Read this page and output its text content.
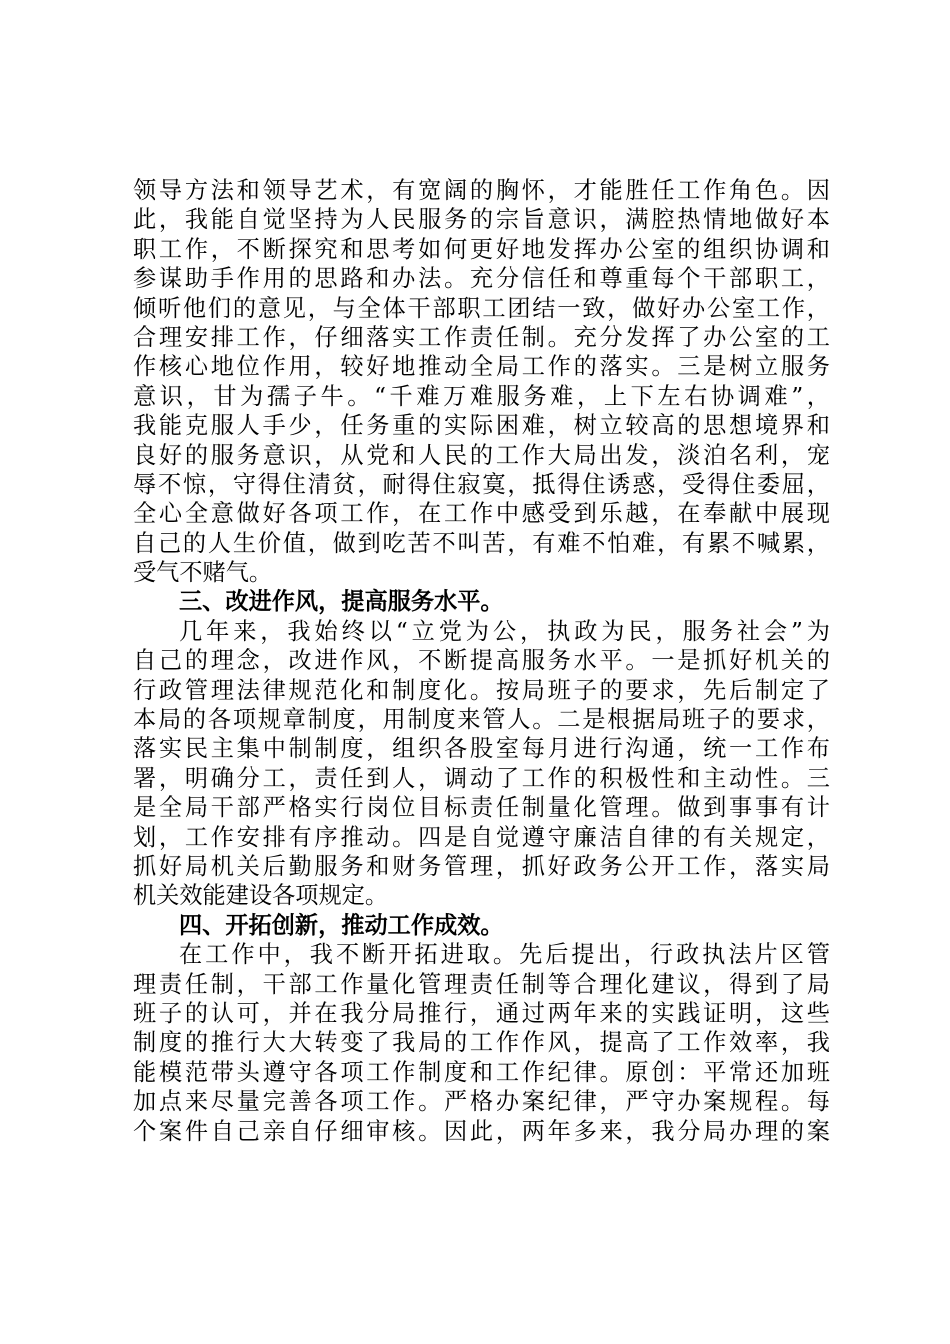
领导方法和领导艺术，有宽阔的胸怀，才能胜任工作角色。因
此，我能自觉坚持为人民服务的宗旨意识，满腔热情地做好本
职工作，不断探究和思考如何更好地发挥办公室的组织协调和
参谋助手作用的思路和办法。充分信任和尊重每个干部职工，
倾听他们的意见，与全体干部职工团结一致，做好办公室工作，
合理安排工作，仔细落实工作责任制。充分发挥了办公室的工
作核心地位作用，较好地推动全局工作的落实。三是树立服务
意识，甘为孺子牛。“千难万难服务难，上下左右协调难”，
我能克服人手少，任务重的实际困难，树立较高的思想境界和
良好的服务意识，从党和人民的工作大局出发，淡泊名利，宠
辱不惊，守得住清贫，耐得住寂寞，抵得住诱惑，受得住委屈，
全心全意做好各项工作，在工作中感受到乐越，在奉献中展现
自己的人生价值，做到吃苦不叫苦，有难不怕难，有累不喊累，
受气不赌气。
三、改进作风，提高服务水平。
几年来，我始终以“立党为公，执政为民，服务社会”为
自己的理念，改进作风，不断提高服务水平。一是抓好机关的
行政管理法律规范化和制度化。按局班子的要求，先后制定了
本局的各项规章制度，用制度来管人。二是根据局班子的要求，
落实民主集中制制度，组织各股室每月进行沟通，统一工作布
署，明确分工，责任到人，调动了工作的积极性和主动性。三
是全局干部严格实行岗位目标责任制量化管理。做到事事有计
划，工作安排有序推动。四是自觉遵守廉洁自律的有关规定，
抓好局机关后勤服务和财务管理，抓好政务公开工作，落实局
机关效能建设各项规定。
四、开拓创新，推动工作成效。
在工作中，我不断开拓进取。先后提出，行政执法片区管
理责任制，干部工作量化管理责任制等合理化建议，得到了局
班子的认可，并在我分局推行，通过两年来的实践证明，这些
制度的推行大大转变了我局的工作作风，提高了工作效率，我
能模范带头遵守各项工作制度和工作纪律。原创：平常还加班
加点来尽量完善各项工作。严格办案纪律，严守办案规程。每
个案件自己亲自仔细审核。因此，两年多来，我分局办理的案
